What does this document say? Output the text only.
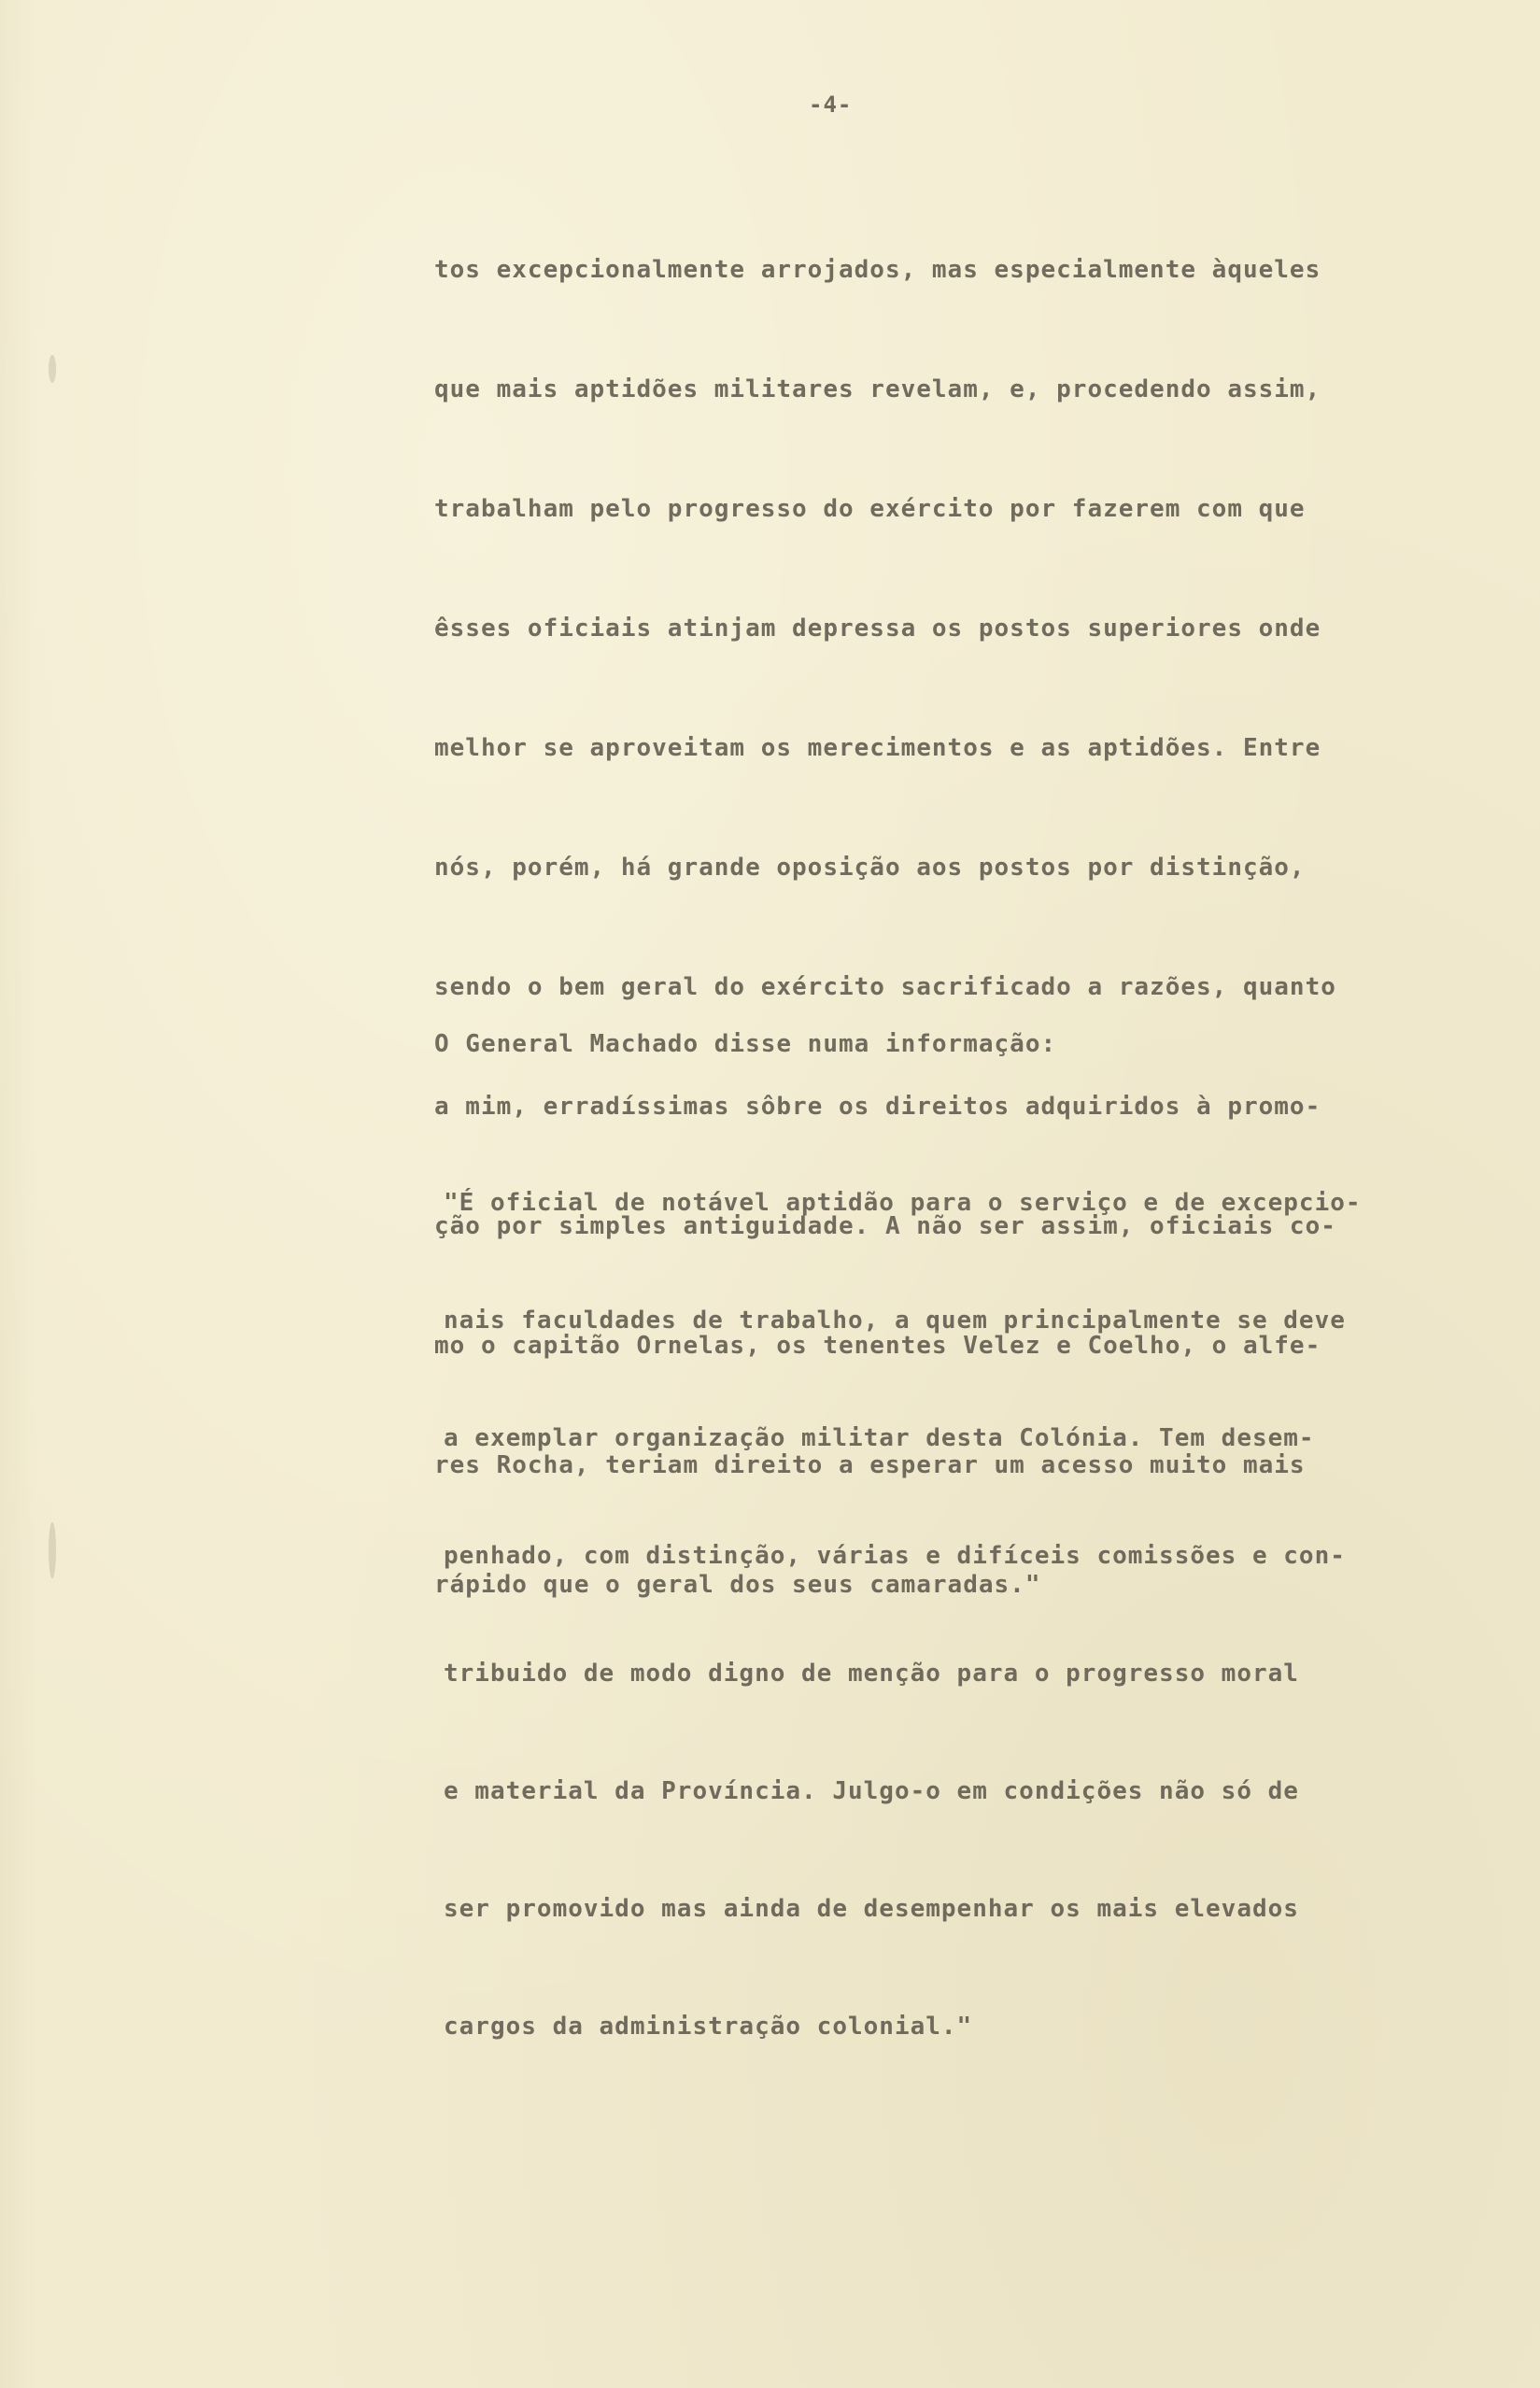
-4-

tos excepcionalmente arrojados, mas especialmente àqueles

que mais aptidões militares revelam, e, procedendo assim,

trabalham pelo progresso do exército por fazerem com que

êsses oficiais atinjam depressa os postos superiores onde

melhor se aproveitam os merecimentos e as aptidões. Entre

nós, porém, há grande oposição aos postos por distinção,

sendo o bem geral do exército sacrificado a razões, quanto

a mim, erradíssimas sôbre os direitos adquiridos à promo-

ção por simples antiguidade. A não ser assim, oficiais co-

mo o capitão Ornelas, os tenentes Velez e Coelho, o alfe-

res Rocha, teriam direito a esperar um acesso muito mais

rápido que o geral dos seus camaradas."

O General Machado disse numa informação:

"É oficial de notável aptidão para o serviço e de excepcio-

nais faculdades de trabalho, a quem principalmente se deve

a exemplar organização militar desta Colónia. Tem desem-

penhado, com distinção, várias e difíceis comissões e con-

tribuido de modo digno de menção para o progresso moral

e material da Província. Julgo-o em condições não só de

ser promovido mas ainda de desempenhar os mais elevados

cargos da administração colonial."
